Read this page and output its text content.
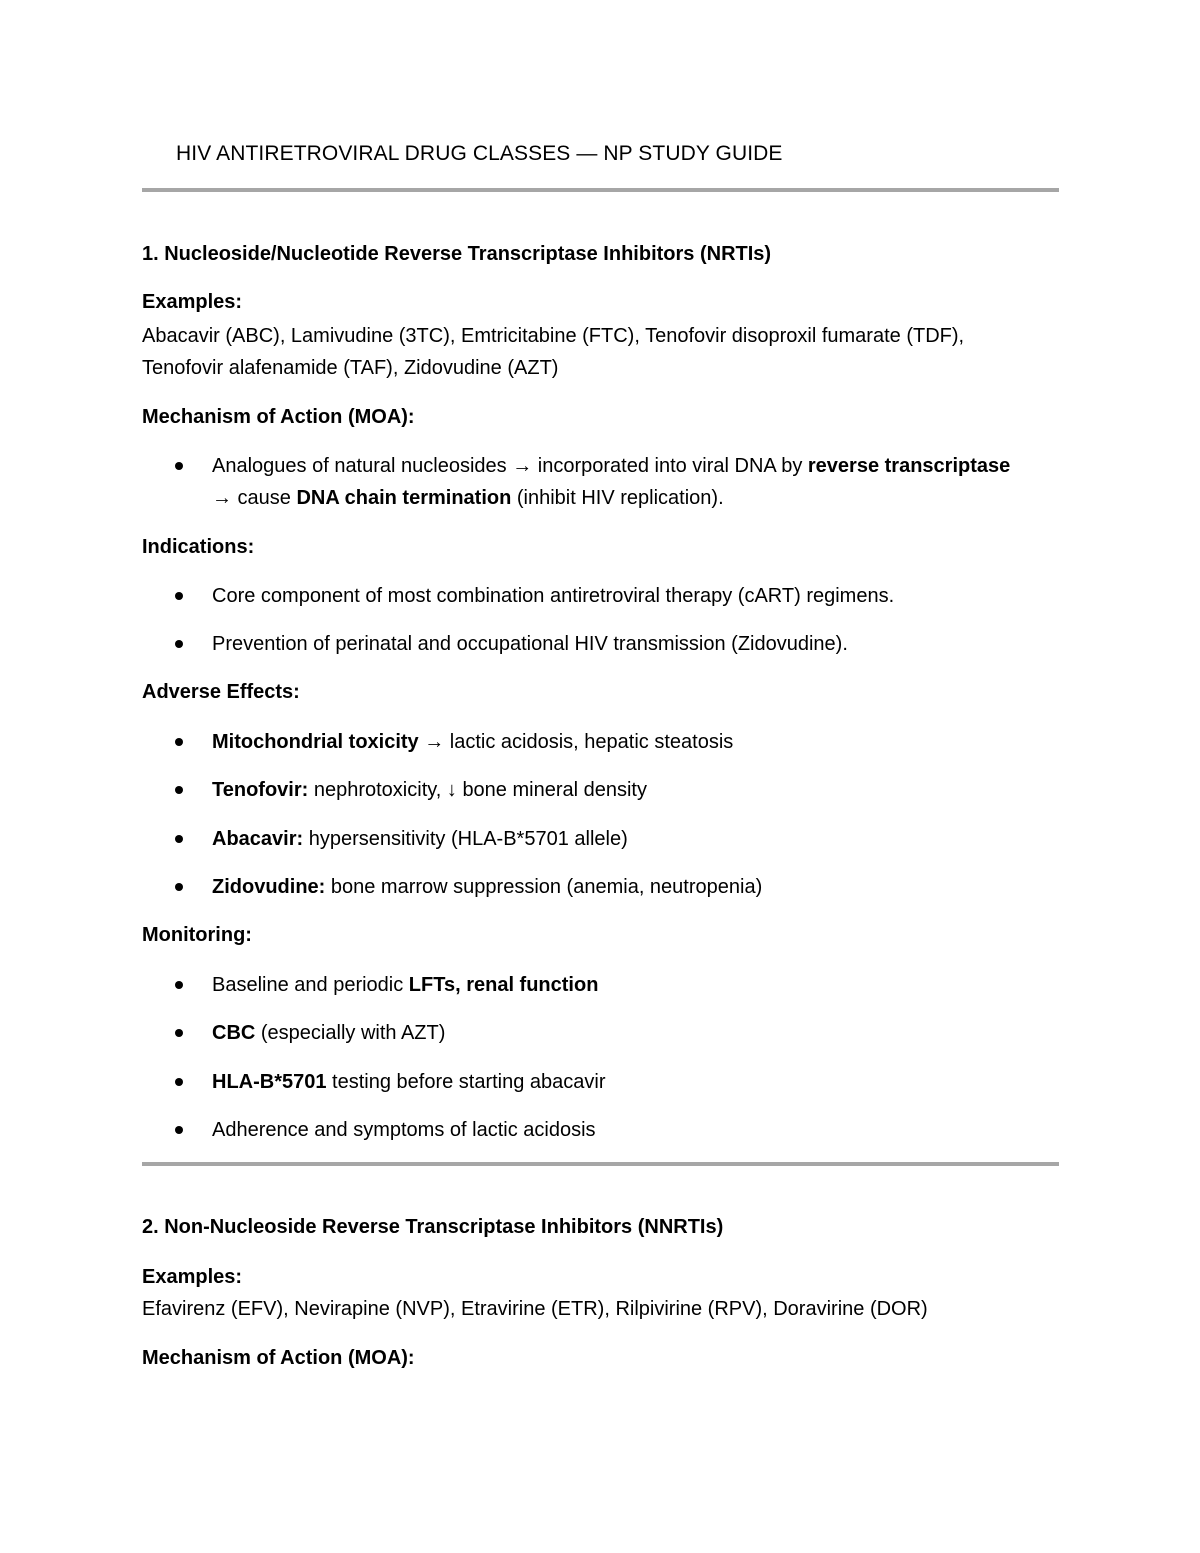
HIV ANTIRETROVIRAL DRUG CLASSES — NP STUDY GUIDE
1. Nucleoside/Nucleotide Reverse Transcriptase Inhibitors (NRTIs)
Examples:
Abacavir (ABC), Lamivudine (3TC), Emtricitabine (FTC), Tenofovir disoproxil fumarate (TDF),
Tenofovir alafenamide (TAF), Zidovudine (AZT)
Mechanism of Action (MOA):
Analogues of natural nucleosides → incorporated into viral DNA by reverse transcriptase
→ cause DNA chain termination (inhibit HIV replication).
Indications:
Core component of most combination antiretroviral therapy (cART) regimens.
Prevention of perinatal and occupational HIV transmission (Zidovudine).
Adverse Effects:
Mitochondrial toxicity → lactic acidosis, hepatic steatosis
Tenofovir: nephrotoxicity, ↓ bone mineral density
Abacavir: hypersensitivity (HLA-B*5701 allele)
Zidovudine: bone marrow suppression (anemia, neutropenia)
Monitoring:
Baseline and periodic LFTs, renal function
CBC (especially with AZT)
HLA-B*5701 testing before starting abacavir
Adherence and symptoms of lactic acidosis
2. Non-Nucleoside Reverse Transcriptase Inhibitors (NNRTIs)
Examples:
Efavirenz (EFV), Nevirapine (NVP), Etravirine (ETR), Rilpivirine (RPV), Doravirine (DOR)
Mechanism of Action (MOA):
